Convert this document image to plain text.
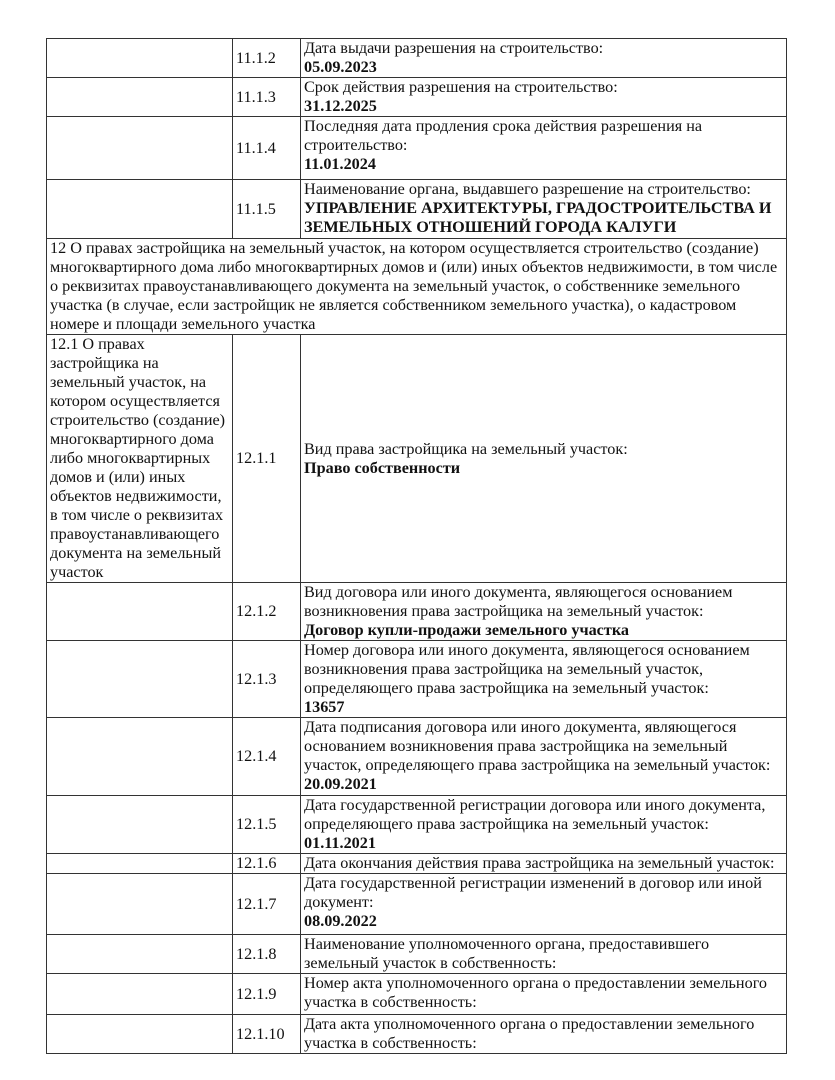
	11.1.2	Дата выдачи разрешения на строительство:
05.09.2023

	11.1.3	Срок действия разрешения на строительство:
31.12.2025

	11.1.4	Последняя дата продления срока действия разрешения на строительство:
11.01.2024

	11.1.5	Наименование органа, выдавшего разрешение на строительство:
УПРАВЛЕНИЕ АРХИТЕКТУРЫ, ГРАДОСТРОИТЕЛЬСТВА И ЗЕМЕЛЬНЫХ ОТНОШЕНИЙ ГОРОДА КАЛУГИ

12 О правах застройщика на земельный участок, на котором осуществляется строительство (создание) многоквартирного дома либо многоквартирных домов и (или) иных объектов недвижимости, в том числе о реквизитах правоустанавливающего документа на земельный участок, о собственнике земельного участка (в случае, если застройщик не является собственником земельного участка), о кадастровом номере и площади земельного участка		
12.1 О правах застройщика на земельный участок, на котором осуществляется строительство (создание) многоквартирного дома либо многоквартирных домов и (или) иных объектов недвижимости, в том числе о реквизитах правоустанавливающего документа на земельный участок	12.1.1	Вид права застройщика на земельный участок:
Право собственности

	12.1.2	Вид договора или иного документа, являющегося основанием возникновения права застройщика на земельный участок:
Договор купли-продажи земельного участка

	12.1.3	Номер договора или иного документа, являющегося основанием возникновения права застройщика на земельный участок, определяющего права застройщика на земельный участок:
13657

	12.1.4	Дата подписания договора или иного документа, являющегося основанием возникновения права застройщика на земельный участок, определяющего права застройщика на земельный участок:
20.09.2021

	12.1.5	Дата государственной регистрации договора или иного документа, определяющего права застройщика на земельный участок:
01.11.2021

	12.1.6	Дата окончания действия права застройщика на земельный участок:
	12.1.7	Дата государственной регистрации изменений в договор или иной документ:
08.09.2022

	12.1.8	Наименование уполномоченного органа, предоставившего земельный участок в собственность:
	12.1.9	Номер акта уполномоченного органа о предоставлении земельного участка в собственность:
	12.1.10	Дата акта уполномоченного органа о предоставлении земельного участка в собственность:
